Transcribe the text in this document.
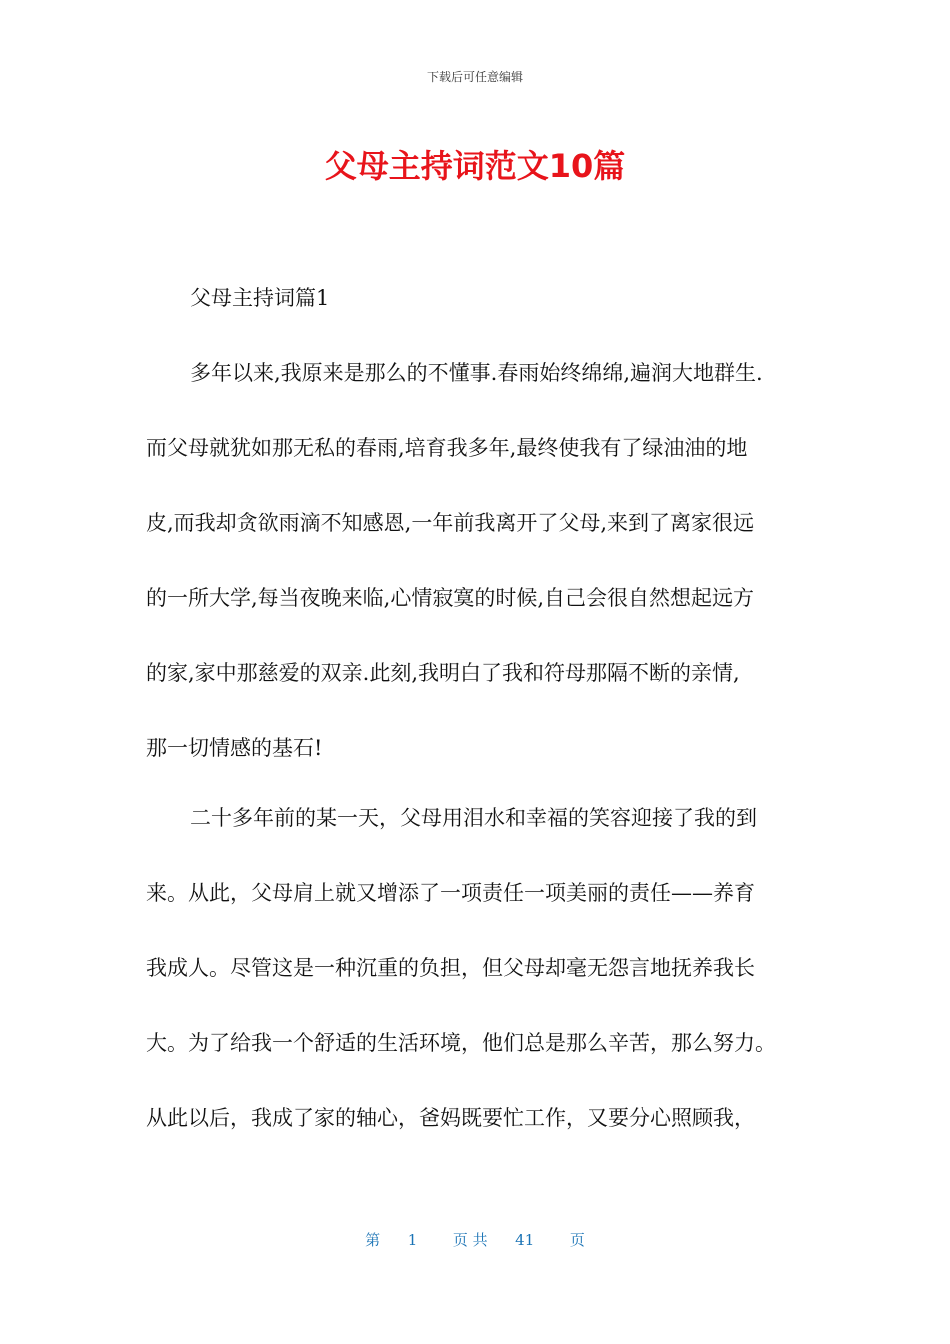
下载后可任意编辑
父母主持词范文10篇
父母主持词篇1
多年以来,我原来是那么的不懂事.春雨始终绵绵,遍润大地群生.
而父母就犹如那无私的春雨,培育我多年,最终使我有了绿油油的地
皮,而我却贪欲雨滴不知感恩,一年前我离开了父母,来到了离家很远
的一所大学,每当夜晚来临,心情寂寞的时候,自己会很自然想起远方
的家,家中那慈爱的双亲.此刻,我明白了我和符母那隔不断的亲情,
那一切情感的基石!
二十多年前的某一天，父母用泪水和幸福的笑容迎接了我的到
来。从此，父母肩上就又增添了一项责任一项美丽的责任——养育
我成人。尽管这是一种沉重的负担，但父母却毫无怨言地抚养我长
大。为了给我一个舒适的生活环境，他们总是那么辛苦，那么努力。
从此以后，我成了家的轴心，爸妈既要忙工作，又要分心照顾我，
第 1 页 共 41 页
